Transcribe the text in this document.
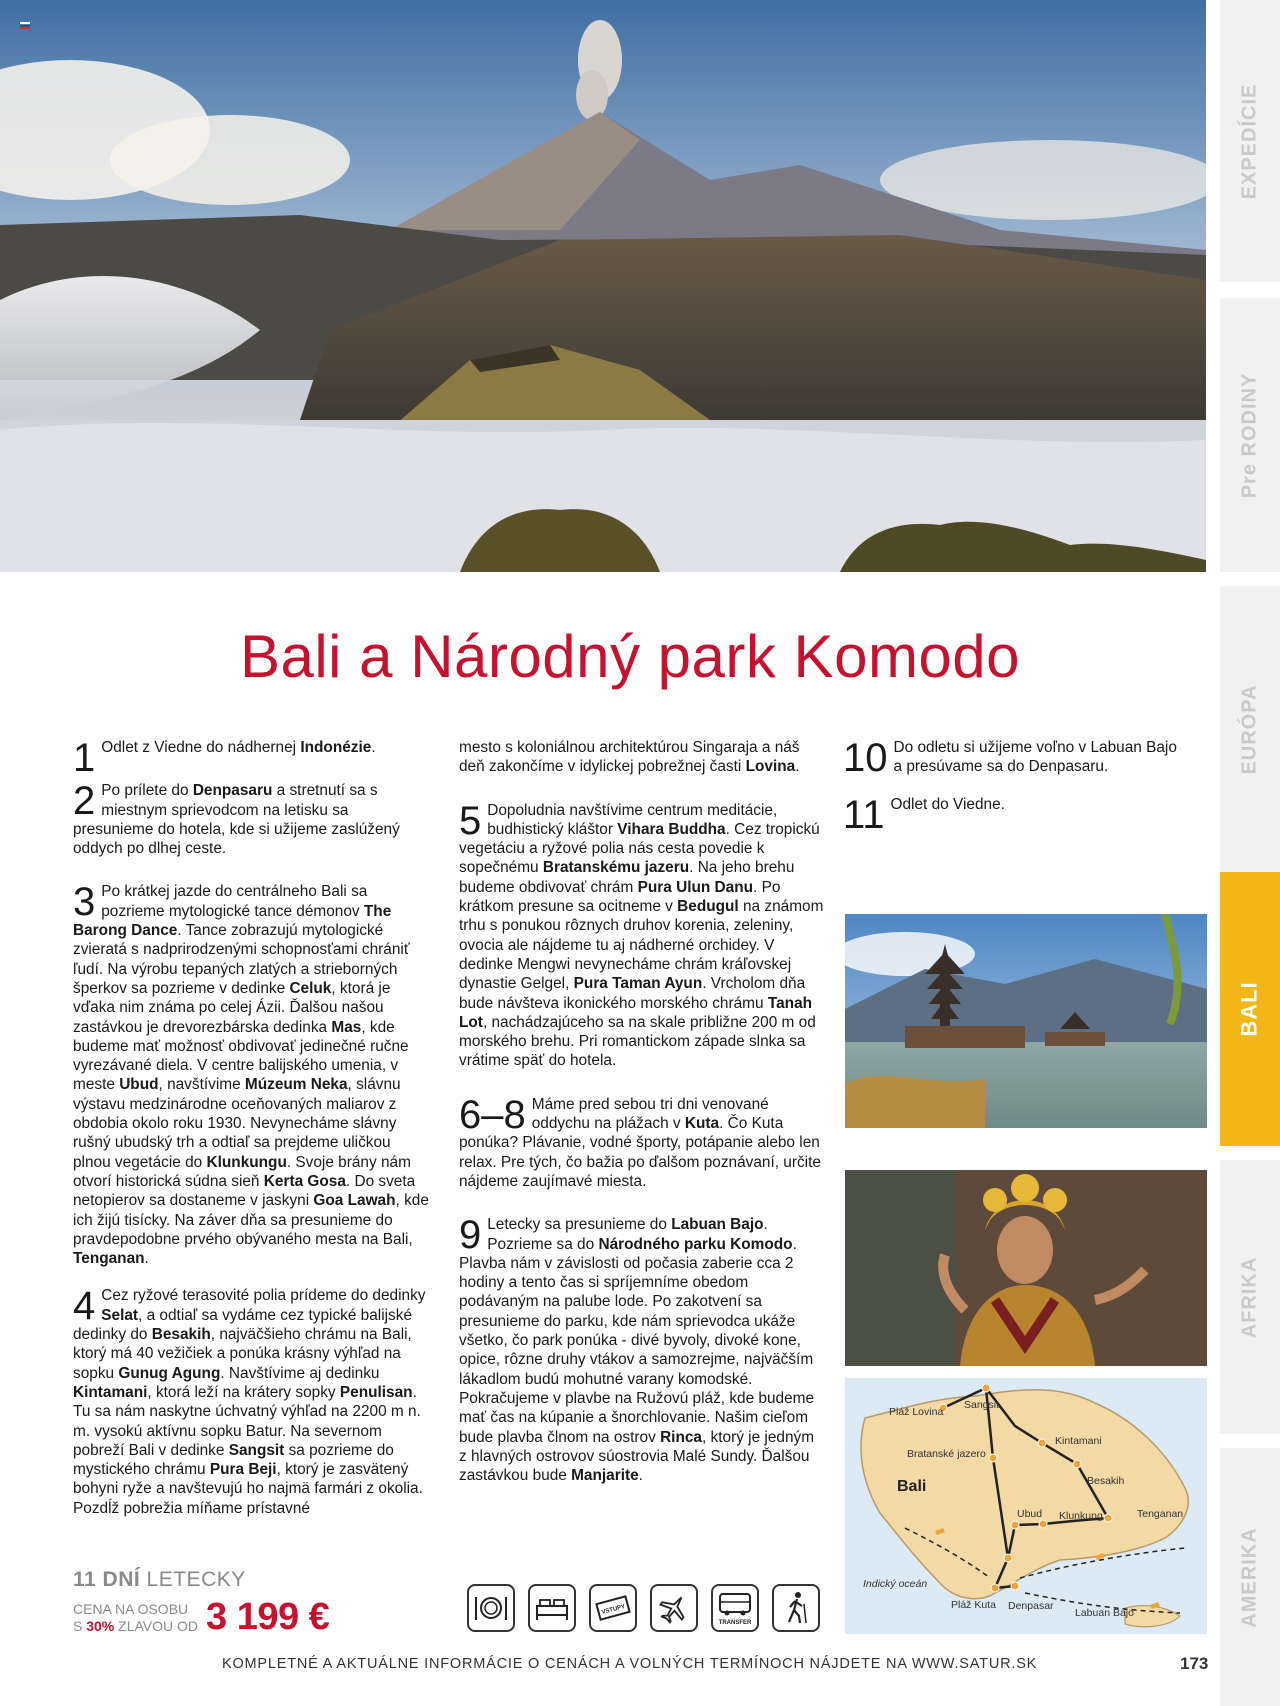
EXPEDÍCIE
Pre RODINY
EURÓPA
BALI
AFRIKA
AMERIKA
Bali a Národný park Komodo
1 Odlet z Viedne do nádhernej Indonézie.
2 Po prílete do Denpasaru a stretnutí sa s miestnym sprievodcom na letisku sa presunieme do hotela, kde si užijeme zaslúžený oddych po dlhej ceste.
3 Po krátkej jazde do centrálneho Bali sa pozrieme mytologické tance démonov The Barong Dance. Tance zobrazujú mytologické zvieratá s nadprirodzenými schopnosťami chrániť ľudí. Na výrobu tepaných zlatých a strieborných šperkov sa pozrieme v dedinke Celuk, ktorá je vďaka nim známa po celej Ázii. Ďalšou našou zastávkou je drevorezbárska dedinka Mas, kde budeme mať možnosť obdivovať jedinečné ručne vyrezávané diela. V centre balijského umenia, v meste Ubud, navštívime Múzeum Neka, slávnu výstavu medzinárodne oceňovaných maliarov z obdobia okolo roku 1930. Nevynecháme slávny rušný ubudský trh a odtiaľ sa prejdeme uličkou plnou vegetácie do Klunkungu. Svoje brány nám otvorí historická súdna sieň Kerta Gosa. Do sveta netopierov sa dostaneme v jaskyni Goa Lawah, kde ich žijú tisícky. Na záver dňa sa presunieme do pravdepodobne prvého obývaného mesta na Bali, Tenganan.
4 Cez ryžové terasovité polia prídeme do dedinky Selat, a odtiaľ sa vydáme cez typické balijské dedinky do Besakih, najväčšieho chrámu na Bali, ktorý má 40 vežičiek a ponúka krásny výhľad na sopku Gunug Agung. Navštívime aj dedinku Kintamani, ktorá leží na krátery sopky Penulisan. Tu sa nám naskytne úchvatný výhľad na 2200 m n. m. vysokú aktívnu sopku Batur. Na severnom pobreží Bali v dedinke Sangsit sa pozrieme do mystického chrámu Pura Beji, ktorý je zasvätený bohyni ryže a navštevujú ho najmä farmári z okolia. Pozdĺž pobrežia míňame prístavné
mesto s koloniálnou architektúrou Singaraja a náš deň zakončíme v idylickej pobrežnej časti Lovina.
5 Dopoludnia navštívime centrum meditácie, budhistický kláštor Vihara Buddha. Cez tropickú vegetáciu a ryžové polia nás cesta povedie k sopečnému Bratanskému jazeru. Na jeho brehu budeme obdivovať chrám Pura Ulun Danu. Po krátkom presune sa ocitneme v Bedugul na známom trhu s ponukou rôznych druhov korenia, zeleniny, ovocia ale nájdeme tu aj nádherné orchidey. V dedinke Mengwi nevynecháme chrám kráľovskej dynastie Gelgel, Pura Taman Ayun. Vrcholom dňa bude návšteva ikonického morského chrámu Tanah Lot, nachádzajúceho sa na skale približne 200 m od morského brehu. Pri romantickom západe slnka sa vrátime späť do hotela.
6–8 Máme pred sebou tri dni venované oddychu na plážach v Kuta. Čo Kuta ponúka? Plávanie, vodné športy, potápanie alebo len relax. Pre tých, čo bažia po ďalšom poznávaní, určite nájdeme zaujímavé miesta.
9 Letecky sa presunieme do Labuan Bajo. Pozrieme sa do Národného parku Komodo. Plavba nám v závislosti od počasia zaberie cca 2 hodiny a tento čas si spríjemníme obedom podávaným na palube lode. Po zakotvení sa presunieme do parku, kde nám sprievodca ukáže všetko, čo park ponúka - divé byvoly, divoké kone, opice, rôzne druhy vtákov a samozrejme, najväčším lákadlom budú mohutné varany komodské. Pokračujeme v plavbe na Ružovú pláž, kde budeme mať čas na kúpanie a šnorchlovanie. Našim cieľom bude plavba člnom na ostrov Rinca, ktorý je jedným z hlavných ostrovov súostrovia Malé Sundy. Ďalšou zastávkou bude Manjarite.
10 Do odletu si užijeme voľno v Labuan Bajo a presúvame sa do Denpasaru.
11 Odlet do Viedne.
Pláž Lovina
Sangsit
Bratanské jazero
Kintamani
Besakih
Ubud Klunkung	Tenganan
Pláž Kuta Denpasar
Labuan Bajo
Bali
Indický oceán
11 DNÍ LETECKY
CENA NA OSOBU
S 30% ZLAVOU OD 3 199 €	VSTUPY
TRANSFER
KOMPLETNÉ A AKTUÁLNE INFORMÁCIE O CENÁCH A VOLNÝCH TERMÍNOCH NÁJDETE NA WWW.SATUR.SK	173
